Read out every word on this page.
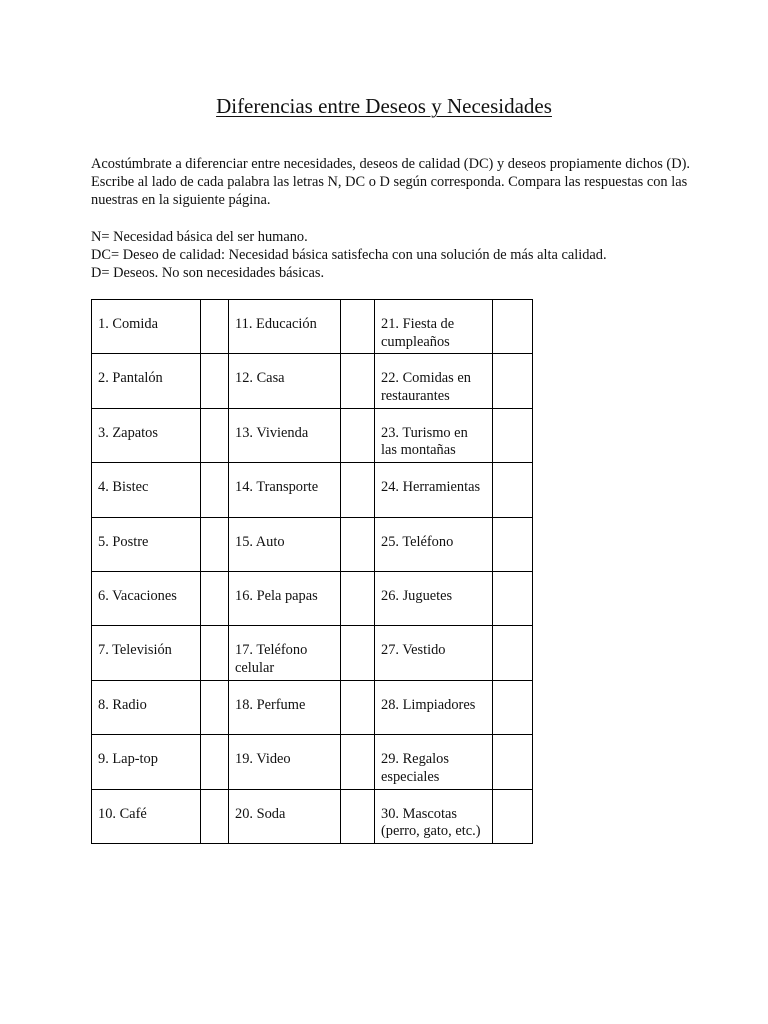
Diferencias entre Deseos y Necesidades

Acostúmbrate a diferenciar entre necesidades, deseos de calidad (DC) y deseos propiamente dichos (D). Escribe al lado de cada palabra las letras N, DC o D según corresponda. Compara las respuestas con las nuestras en la siguiente página.

N= Necesidad básica del ser humano.
DC= Deseo de calidad: Necesidad básica satisfecha con una solución de más alta calidad.
D= Deseos. No son necesidades básicas.
1. Comida		11. Educación		21. Fiesta de cumpleaños	
2. Pantalón		12. Casa		22. Comidas en restaurantes	
3. Zapatos		13. Vivienda		23. Turismo en las montañas	
4. Bistec		14. Transporte		24. Herramientas	
5. Postre		15. Auto		25. Teléfono	
6. Vacaciones		16. Pela papas		26. Juguetes	
7. Televisión		17. Teléfono celular		27. Vestido	
8. Radio		18. Perfume		28. Limpiadores	
9. Lap-top		19. Video		29. Regalos especiales	
10. Café		20. Soda		30. Mascotas (perro, gato, etc.)	
